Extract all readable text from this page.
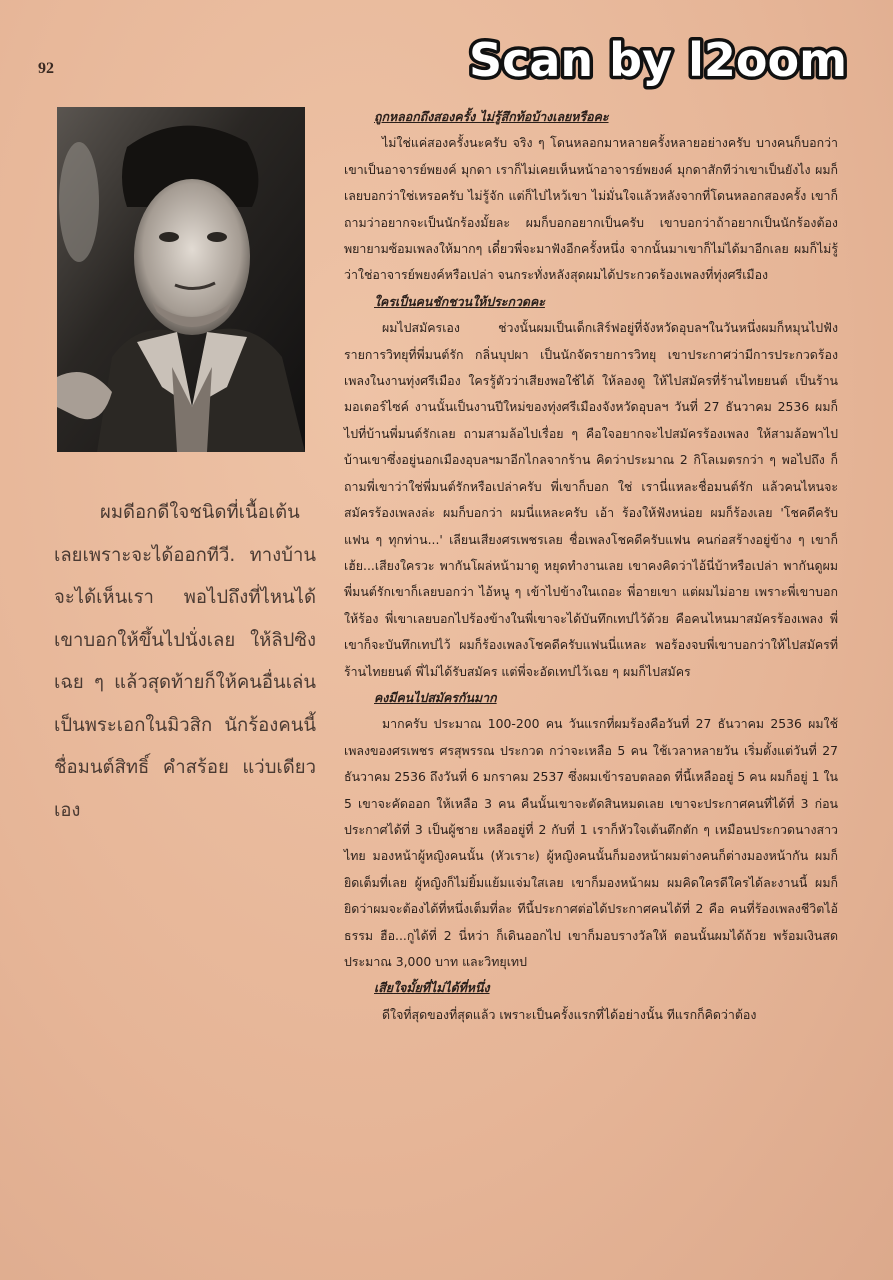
92	Scan by l2oom

ผมดีอกดีใจชนิดที่เนื้อเต้นเลยเพราะจะได้ออกทีวี. ทางบ้านจะได้เห็นเรา พอไปถึงที่ไหนได้ เขาบอกให้ขึ้นไปนั่งเลย ให้ลิปซิงเฉย ๆ แล้วสุดท้ายก็ให้คนอื่นเล่นเป็นพระเอกในมิวสิก นักร้องคนนี้ชื่อมนต์สิทธิ์ คำสร้อย แว่บเดียวเอง

ถูกหลอกถึงสองครั้ง ไม่รู้สึกท้อบ้างเลยหรือคะ

ไม่ใช่แค่สองครั้งนะครับ จริง ๆ โดนหลอกมาหลายครั้งหลายอย่างครับ บางคนก็บอกว่าเขาเป็นอาจารย์พยงค์ มุกดา เราก็ไม่เคยเห็นหน้าอาจารย์พยงค์ มุกดาสักทีว่าเขาเป็นยังไง ผมก็เลยบอกว่าใช่เหรอครับ ไม่รู้จัก แต่ก็ไปไหว้เขา ไม่มั่นใจแล้วหลังจากที่โดนหลอกสองครั้ง เขาก็ถามว่าอยากจะเป็นนักร้องมั้ยละ ผมก็บอกอยากเป็นครับ เขาบอกว่าถ้าอยากเป็นนักร้องต้องพยายามซ้อมเพลงให้มากๆ เดี๋ยวพี่จะมาฟังอีกครั้งหนึ่ง จากนั้นมาเขาก็ไม่ได้มาอีกเลย ผมก็ไม่รู้ว่าใช่อาจารย์พยงค์หรือเปล่า จนกระทั่งหลังสุดผมได้ประกวดร้องเพลงที่ทุ่งศรีเมือง

ใครเป็นคนชักชวนให้ประกวดคะ

ผมไปสมัครเอง ช่วงนั้นผมเป็นเด็กเสิร์ฟอยู่ที่จังหวัดอุบลฯในวันหนึ่งผมก็หมุนไปฟังรายการวิทยุที่พี่มนต์รัก กลิ่นบุปผา เป็นนักจัดรายการวิทยุ เขาประกาศว่ามีการประกวดร้องเพลงในงานทุ่งศรีเมือง ใครรู้ตัวว่าเสียงพอใช้ได้ ให้ลองดู ให้ไปสมัครที่ร้านไทยยนต์ เป็นร้านมอเตอร์ไซค์ งานนั้นเป็นงานปีใหม่ของทุ่งศรีเมืองจังหวัดอุบลฯ วันที่ 27 ธันวาคม 2536 ผมก็ไปที่บ้านพี่มนต์รักเลย ถามสามล้อไปเรื่อย ๆ คือใจอยากจะไปสมัครร้องเพลง ให้สามล้อพาไปบ้านเขาซึ่งอยู่นอกเมืองอุบลฯมาอีกไกลจากร้าน คิดว่าประมาณ 2 กิโลเมตรกว่า ๆ พอไปถึง ก็ถามพี่เขาว่าใช่พี่มนต์รักหรือเปล่าครับ พี่เขาก็บอก ใช่ เรานี่แหละชื่อมนต์รัก แล้วคนไหนจะสมัครร้องเพลงล่ะ ผมก็บอกว่า ผมนี่แหละครับ เอ้า ร้องให้ฟังหน่อย ผมก็ร้องเลย 'โชคดีครับแฟน ๆ ทุกท่าน...' เลียนเสียงศรเพชรเลย ชื่อเพลงโชคดีครับแฟน คนก่อสร้างอยู่ข้าง ๆ เขาก็ เฮ้ย...เสียงใครวะ พากันโผล่หน้ามาดู หยุดทำงานเลย เขาคงคิดว่าไอ้นี่บ้าหรือเปล่า พากันดูผม พี่มนต์รักเขาก็เลยบอกว่า ไอ้หนู ๆ เข้าไปข้างในเถอะ พี่อายเขา แต่ผมไม่อาย เพราะพี่เขาบอกให้ร้อง พี่เขาเลยบอกไปร้องข้างในพี่เขาจะได้บันทึกเทปไว้ด้วย คือคนไหนมาสมัครร้องเพลง พี่เขาก็จะบันทึกเทปไว้ ผมก็ร้องเพลงโชคดีครับแฟนนี่แหละ พอร้องจบพี่เขาบอกว่าให้ไปสมัครที่ร้านไทยยนต์ พี่ไม่ได้รับสมัคร แต่พี่จะอัดเทปไว้เฉย ๆ ผมก็ไปสมัคร

คงมีคนไปสมัครกันมาก

มากครับ ประมาณ 100-200 คน วันแรกที่ผมร้องคือวันที่ 27 ธันวาคม 2536 ผมใช้เพลงของศรเพชร ศรสุพรรณ ประกวด กว่าจะเหลือ 5 คน ใช้เวลาหลายวัน เริ่มตั้งแต่วันที่ 27 ธันวาคม 2536 ถึงวันที่ 6 มกราคม 2537 ซึ่งผมเข้ารอบตลอด ที่นี้เหลืออยู่ 5 คน ผมก็อยู่ 1 ใน 5 เขาจะคัดออก ให้เหลือ 3 คน คืนนั้นเขาจะตัดสินหมดเลย เขาจะประกาศคนที่ได้ที่ 3 ก่อน ประกาศได้ที่ 3 เป็นผู้ชาย เหลืออยู่ที่ 2 กับที่ 1 เราก็หัวใจเต้นตึกตัก ๆ เหมือนประกวดนางสาวไทย มองหน้าผู้หญิงคนนั้น (หัวเราะ) ผู้หญิงคนนั้นก็มองหน้าผมต่างคนก็ต่างมองหน้ากัน ผมก็ยิดเต็มที่เลย ผู้หญิงก็ไม่ยิ้มแย้มแจ่มใสเลย เขาก็มองหน้าผม ผมคิดใครดีใครได้ละงานนี้ ผมก็ยิดว่าผมจะต้องได้ที่หนึ่งเต็มที่ละ ทีนี้ประกาศต่อได้ประกาศคนได้ที่ 2 คือ คนที่ร้องเพลงชีวิตไอ้ธรรม ฮือ...กูได้ที่ 2 นี่หว่า ก็เดินออกไป เขาก็มอบรางวัลให้ ตอนนั้นผมได้ถ้วย พร้อมเงินสดประมาณ 3,000 บาท และวิทยุเทป

เสียใจมั้ยที่ไม่ได้ที่หนึ่ง

ดีใจที่สุดของที่สุดแล้ว เพราะเป็นครั้งแรกที่ได้อย่างนั้น ทีแรกก็คิดว่าต้อง
